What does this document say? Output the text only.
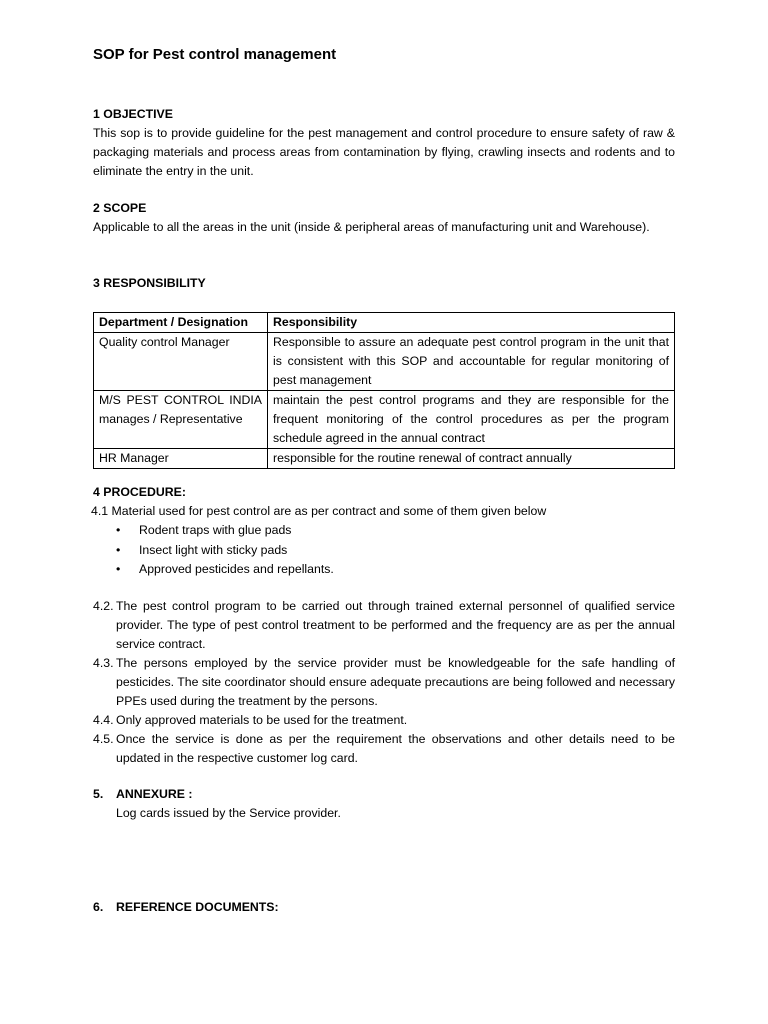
SOP for Pest control management
1 OBJECTIVE
This sop is to provide guideline for the pest management and control procedure to ensure safety of raw & packaging materials and process areas from contamination by flying, crawling insects and rodents and to eliminate the entry in the unit.
2 SCOPE
Applicable to all the areas in the unit (inside & peripheral areas of manufacturing unit and Warehouse).
3 RESPONSIBILITY
Department / Designation	Responsibility
Quality control Manager	Responsible to assure an adequate pest control program in the unit that is consistent with this SOP and accountable for regular monitoring of pest management
M/S PEST CONTROL INDIA manages / Representative	maintain the pest control programs and they are responsible for the frequent monitoring of the control procedures as per the program schedule agreed in the annual contract
HR Manager	responsible for the routine renewal of contract annually
4 PROCEDURE:
4.1 Material used for pest control are as per contract and some of them given below
• Rodent traps with glue pads
• Insect light with sticky pads
• Approved pesticides and repellants.
4.2. The pest control program to be carried out through trained external personnel of qualified service provider. The type of pest control treatment to be performed and the frequency are as per the annual service contract.
4.3. The persons employed by the service provider must be knowledgeable for the safe handling of pesticides. The site coordinator should ensure adequate precautions are being followed and necessary PPEs used during the treatment by the persons.
4.4. Only approved materials to be used for the treatment.
4.5. Once the service is done as per the requirement the observations and other details need to be updated in the respective customer log card.
5. ANNEXURE :
Log cards issued by the Service provider.
6. REFERENCE DOCUMENTS:
